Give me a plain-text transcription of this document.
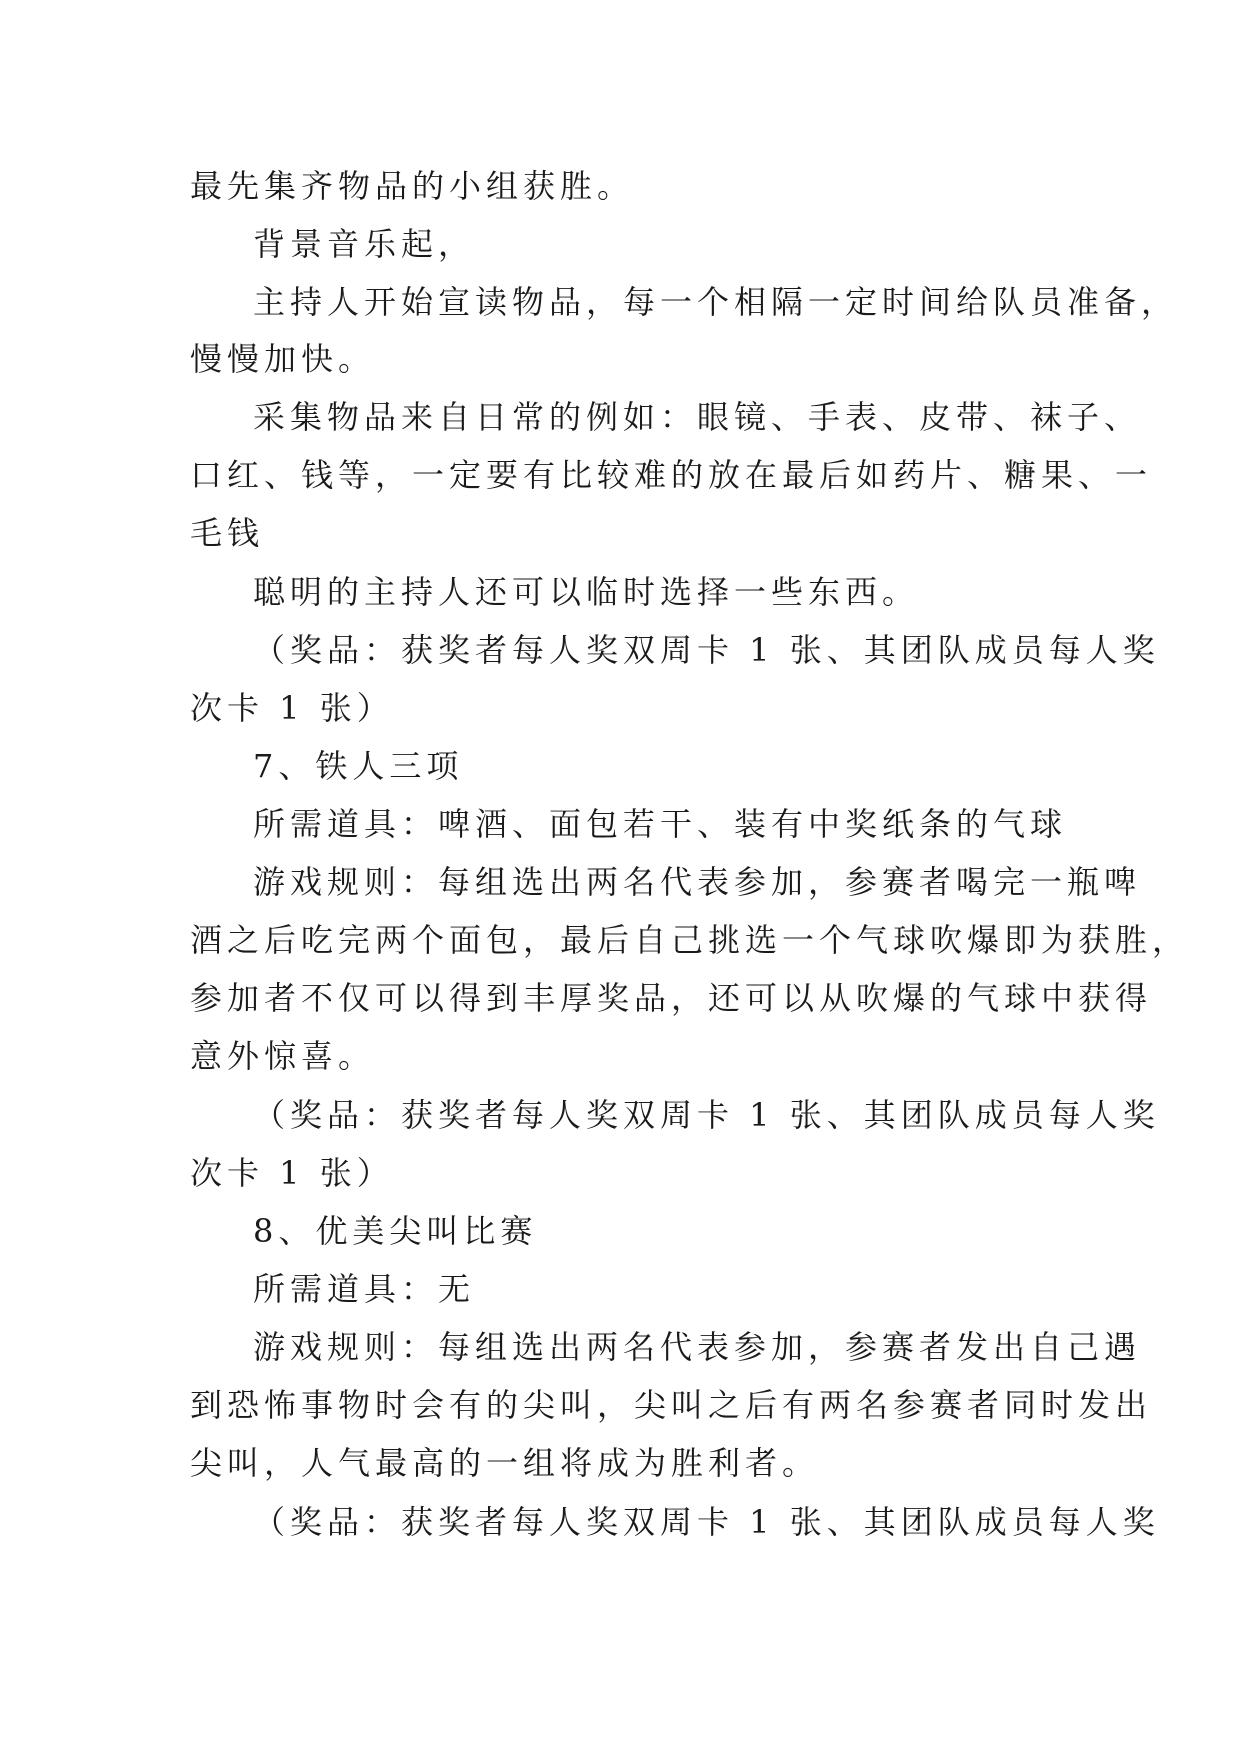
最先集齐物品的小组获胜。
背景音乐起，
主持人开始宣读物品，每一个相隔一定时间给队员准备，
慢慢加快。
采集物品来自日常的例如：眼镜、手表、皮带、袜子、
口红、钱等，一定要有比较难的放在最后如药片、糖果、一
毛钱
聪明的主持人还可以临时选择一些东西。
（奖品：获奖者每人奖双周卡 1 张、其团队成员每人奖
次卡 1 张）
7、铁人三项
所需道具：啤酒、面包若干、装有中奖纸条的气球
游戏规则：每组选出两名代表参加，参赛者喝完一瓶啤
酒之后吃完两个面包，最后自己挑选一个气球吹爆即为获胜，
参加者不仅可以得到丰厚奖品，还可以从吹爆的气球中获得
意外惊喜。
（奖品：获奖者每人奖双周卡 1 张、其团队成员每人奖
次卡 1 张）
8、优美尖叫比赛
所需道具：无
游戏规则：每组选出两名代表参加，参赛者发出自己遇
到恐怖事物时会有的尖叫，尖叫之后有两名参赛者同时发出
尖叫，人气最高的一组将成为胜利者。
（奖品：获奖者每人奖双周卡 1 张、其团队成员每人奖
